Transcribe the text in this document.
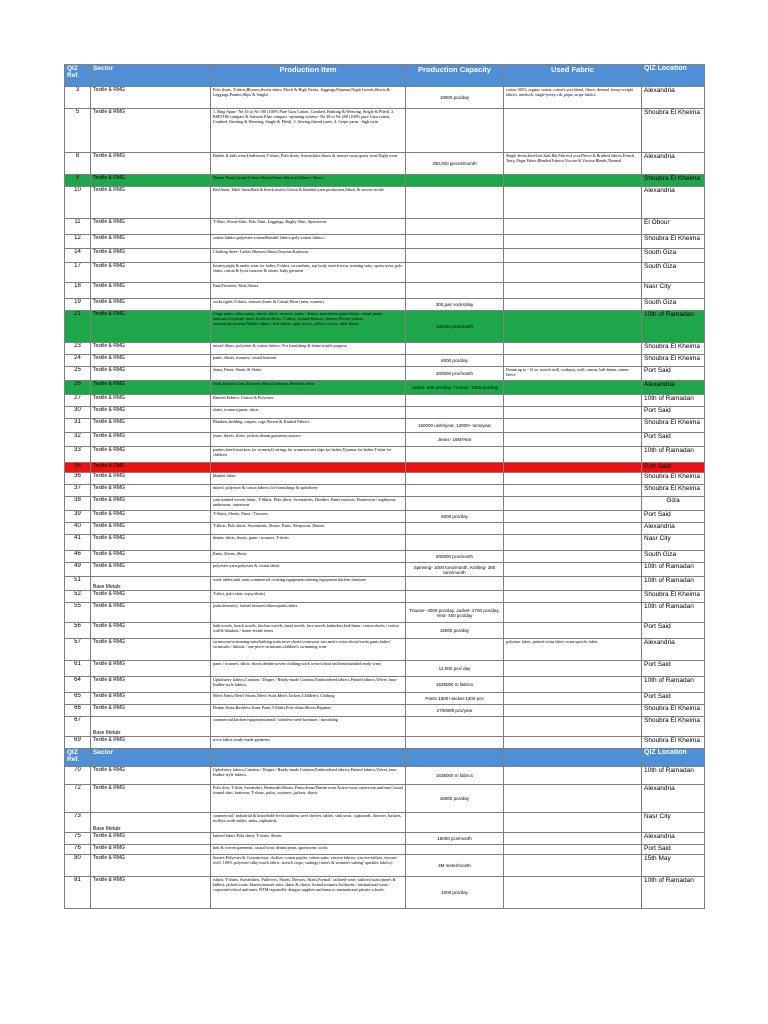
QIZ Ref.	Sector	Production Item	Production Capacity	Used Fabric	QIZ Location
3	Textile & RMG	Polo shirts, T-shirts,Blouses,Sweat shirts, Mock & High Necks, Joggings,Pajamas,Night Gowns,Shorts & Leggings,Panties,Slips & Singlet	18000 pcs/day	cotton 100%, organic cotton, cotton's ycra blend, fleece, thermal, heavy-weight fabrics, interlock, single-jersey, rib, pique, stripe fabrics	Alexandria
5	Textile & RMG	1. Ring Spun - Ne 16 to Ne 100 (100% Pure Giza Cotton, Combed, Knitting & Weaving, Single & Plied). 2. RSETOR compact & Suessen Elite compact -spinning system - Ne 30 to Ne 200 (100% pure Giza cotton, Combed, Knitting & Weaving, Single & Plied). 3. Sewing thread yarns. 4. Crepe yarns - high twist			Shoubra El Kheima
8	Textile & RMG	Babies & kids wear,Underwear,T-shirts, Polo shirts, Sweatshirts,shorts & trouser wear,sports wear,Night wear	250,000 pieces/month	Single Jersey,Interlock Knit,Rib Fabrics,Lycra,Fleece & Brushed fabrics,French Terry, Pique Fabric,Blended Fabrics Viscose & Viscose Blends,Thermal	Alexandria
9	Textile & RMG	Denim Pants,Casual Cotton Shirts,Denim Shirts,Children's Shorts			Shoubra El Kheima
10	Textile & RMG	Bed linen, Table linen,Bath & beach textile,Cotton & blended yarn production,Fabric & woven textile			Alexandria
11	Textile & RMG	T-Shirt, Sweat-Shirt, Polo Shirt, Leggings, Rugby Shirt, Sportswear			El Obour
12	Textile & RMG	cotton fabrics,polyester-cotton/blended fabrics,poly-cotton fabrics			Shoubra El Kheima
14	Textile & RMG	Clothing Store- Ladies Blouses,Shirts,Outwear,Knitwear			South Giza
17	Textile & RMG	hosiery,night & under wear for ladies,T-shirts, sweatshirts, top body stretch wear, training suits, sports wear, polo shirts, cotton & lycra trousers & shorts, baby garment			South Giza
18	Textile & RMG	Pant/Trousers, Skirt,Shorts			Nasr City
19	Textile & RMG	socks,tights,T-shirts, trousers,Jeans & Casual Wear (men, women)	300 pair socks/day		South Giza
21	Textile & RMG	Cargo pants, chino pants, shorts, skirts, trousers, jeans - denim, non-denim pants/shorts, casual pants/ bottoms,Corporate shirts,Uniform Shirts, T-shirts, women blouses, dresses,Woven jackets, outwear/sportswear/Winter fabrics, bed-sheets, quilt covers, pillow-covers, table linens	100000 pcs/month		10th of Ramadan
23	Textile & RMG	mixed fibers, polyester & cotton fabrics- For furnishing & home textile purpose			Shoubra El Kheima
24	Textile & RMG	pants, shorts, trousers, casual bottoms	6000 pcs/day		Shoubra El Kheima
25	Textile & RMG	Jeans, Pants, Shorts & Skirts	300000 pcs/month	Denim up to ~13 oz, stretch twill, corduroy, twill, canvas, ball denim, sateen, fleece	Port Said
26	Textile & RMG	Suits,Jackets,Coats,Trousers,Shirts,Uniforms,Women's Wear	Jacket- 600 pcs/day, Trouser- 1000 pcs/day		Alexandria
27	Textile & RMG	Knitted Fabrics: Cotton & Polyester			10th of Ramadan
30	Textile & RMG	shirts, trousers/pants, skirts			Port Said
31	Textile & RMG	Blankets,bedding, carpets, rugs,Woven & Knitted Fabrics	150000 units/year, 13000+ tons/year		Shoubra El Kheima
32	Textile & RMG	jeans, shorts, shirts, jackets,denim garments,trousers	Jeans- 16M/Year		Port Said
33	Textile & RMG	panties,briefs,knickers for women,G-strings for women,waist slips for ladies,Pyjamas for ladies,T-shirt for children			10th of Ramadan
35	Textile & RMG				Port Said
36	Textile & RMG	blanket fabric			Shoubra El Kheima
37	Textile & RMG	mixed, polyester & cotton fabrics for furnishings & upholstery			Shoubra El Kheima
38	Textile & RMG	yarn,knitted woven fabric, T-Shirts, Polo shirts, Sweatshirts, Hoodies, Pants-trousers, Homewear / nightwear, underwear, outerwear			Giza
39	Textile & RMG	T-Shirts, Shorts, Pants / Trousers	6000 pcs/day		Port Said
40	Textile & RMG	T-shirts, Polo shirts, Sweatshirts, Shorts, Pants, Sleepwear, Denim			Alexandria
41	Textile & RMG	denim, shirts, shorts, pants / trousers, T-shirts			Nasr City
46	Textile & RMG	Pants, Shorts, Skirts	800000 pcs/month		South Giza
49	Textile & RMG	polyester yarn,polyester & cotton fabric	Spinning- 1000 tons/month, Knitting- 380 tons/month		10th of Ramadan
51	Base Metals	work tables,sink units,commercial cooking equipment,catering equipment kitchen furniture			10th of Ramadan
52	Textile & RMG	T-shirt, polo-shirt, topsy/shirts)			Shoubra El Kheima
55	Textile & RMG	jeans/trousers), formal trousers/chinos/pants,skirts.	Trouser- 4000 pcs/day, Jacket- 2700 pcs/day, Vest- 450 pcs/day		10th of Ramadan
56	Textile & RMG	bath towels, beach towels, kitchen towels, hand towels, face towels,bathrobes,bed-linen / cotton sheets / cotton waffle blankets / home-textile items	15000 pcs/day		Port Said
57	Textile & RMG	swimwear/swimming-suits/bathing suits/racer shorts/swimwear sets,men's swim shorts/swim pants,ladies' swimsuits / bikinis / one-piece swimsuits,children's swimming wear		polyester fabric, printed swim fabric,swim-specific fabric	Alexandria
61	Textile & RMG	pants / trousers, shirts, shorts,denim/woven clothing,work wear/school uniform/standard ready-wear	12,000 pcs/ day		Port Said
64	Textile & RMG	Upholstery fabrics,Curtains / Drapes / Ready-made Curtains,Embroidered fabrics,Printed fabrics,Velvet, faux-leather-style fabrics,	1638000 m fabrics		10th of Ramadan
65	Textile & RMG	Men's Pants,Men's Shorts,Men's Suits,Men's Jackets,Children's Clothing	Pants 1500+Jacket-1300 pcs		Port Said
66	Textile & RMG	Denim Jeans,Backless Jeans Pants,T-Shirts,Polo shirts,Shorts,Pajamas	2700000 pcs/year		Shoubra El Kheima
67	Base Metals	commercial kitchen equipment,metal / stainless-steel furniture / furnishing			Shoubra El Kheima
69	Textile & RMG	tricot fabric,ready-made garments			Shoubra El Kheima
QIZ Ref.	Sector				QIZ Location
70	Textile & RMG	Upholstery fabrics,Curtains / Drapes / Ready-made Curtains,Embroidered fabrics,Printed fabrics,Velvet, faux-leather-style fabrics,	1638000 m fabrics		10th of Ramadan
72	Textile & RMG	Polo shirt, T-shirt, Sweatshirt, Bermudas/Shorts, Pants/Jeans/Denim wear,Active wear, outerwear,uniform,Casual formal shirt, knitwear, T-shirts, polos, sweaters, jackets, shorts	45000 pcs/day		Alexandria
73	Base Metals	commercial / industrial & household-level,stainless steel shelves, tables, sink units, cupboards, drawers, baskets, trolleys,work-tables, sinks, cupboards.			Nasr City
75	Textile & RMG	knitted fabric,Polo shirts, T-shirts, Shorts	15000 pcs/month		Alexandria
76	Textile & RMG	knit & woven garments, casual wear, denim/jeans, sportswear, socks			Port Said
80	Textile & RMG	Suiters Polyester & Cotton(crepe, chiffon, cotton poplin, cotton satin, viscose fabrics, viscose-taffeta, viscose-twill, 100% polyester silky-touch fabric, stretch crepe, suitings (men's & women's suiting/ sparkles fabrics)	3M meter/month		15th May
81	Textile & RMG	tshirts, T-shirts, Sweatshirts, Pullovers, Shorts, Dresses, Skirts,Formal / tailored-wear: tailored suits (men's & ladies), jackets/coats, blazers/trouser suits, shirts & classic formal trousers,Uniforms / institutional-wear / corporate/school uniforms: BTM reportedly designs supplies uniforms to international private schools.	4000 pcs/day		10th of Ramadan
